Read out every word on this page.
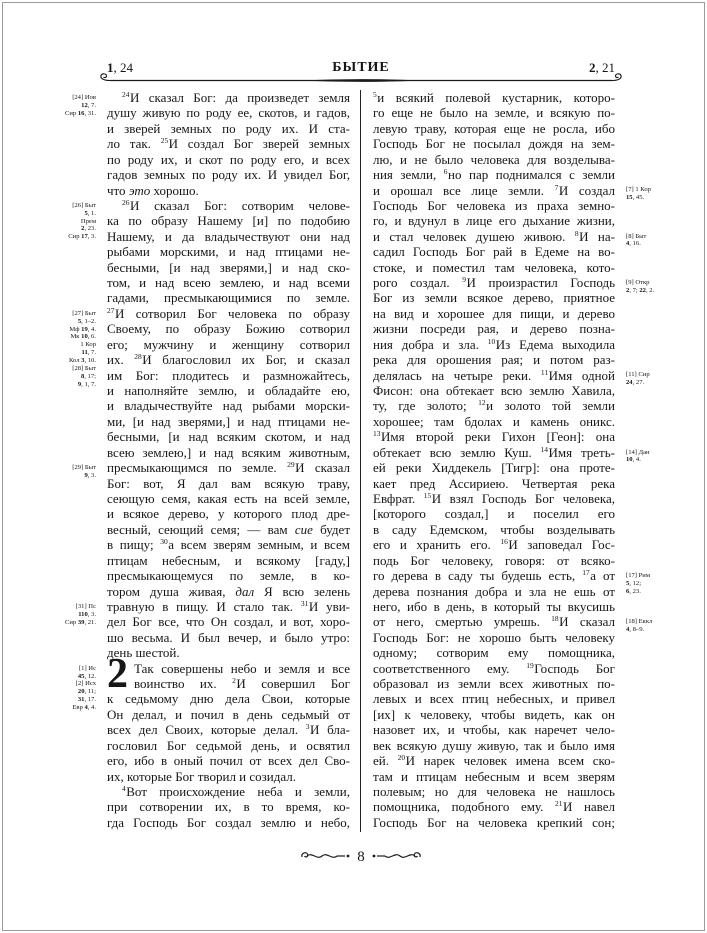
1, 24	БЫТИЕ	2, 21
[24] Иов
12, 7.
Сир 16, 31.
[26] Быт
5, 1.
Прем
2, 23.
Сир 17, 3.
[27] Быт
5, 1–2.
Мф 19, 4.
Мк 10, 6.
1 Кор
11, 7.
Кол 3, 10.
[28] Быт
8, 17;
9, 1, 7.
[29] Быт
9, 3.
[31] Пс
110, 3.
Сир 39, 21.
[1] Ис
45, 12.
[2] Исх
20, 11;
31, 17.
Евр 4, 4.
2
$^{24}$И сказал Бог: да произведет земля
душу живую по роду ее, скотов, и гадов,
и зверей земных по роду их. И ста-
ло так. $^{25}$И создал Бог зверей земных
по роду их, и скот по роду его, и всех
гадов земных по роду их. И увидел Бог,
что это хорошо.
$^{26}$И сказал Бог: сотворим челове-
ка по образу Нашему [и] по подобию
Нашему, и да владычествуют они над
рыбами морскими, и над птицами не-
бесными, [и над зверями,] и над ско-
том, и над всею землею, и над всеми
гадами, пресмыкающимися по земле.
$^{27}$И сотворил Бог человека по образу
Своему, по образу Божию сотворил
его; мужчину и женщину сотворил
их. $^{28}$И благословил их Бог, и сказал
им Бог: плодитесь и размножайтесь,
и наполняйте землю, и обладайте ею,
и владычествуйте над рыбами морски-
ми, [и над зверями,] и над птицами не-
бесными, [и над всяким скотом, и над
всею землею,] и над всяким животным,
пресмыкающимся по земле. $^{29}$И сказал
Бог: вот, Я дал вам всякую траву,
сеющую семя, какая есть на всей земле,
и всякое дерево, у которого плод дре-
весный, сеющий семя; — вам сие будет
в пищу; $^{30}$а всем зверям земным, и всем
птицам небесным, и всякому [гаду,]
пресмыкающемуся по земле, в ко-
тором душа живая, дал Я всю зелень
травную в пищу. И стало так. $^{31}$И уви-
дел Бог все, что Он создал, и вот, хоро-
шо весьма. И был вечер, и было утро:
день шестой.
Так совершены небо и земля и все
воинство их. $^2$И совершил Бог
к седьмому дню дела Свои, которые
Он делал, и почил в день седьмый от
всех дел Своих, которые делал. $^3$И бла-
гословил Бог седьмой день, и освятил
его, ибо в оный почил от всех дел Сво-
их, которые Бог творил и созидал.
$^4$Вот происхождение неба и земли,
при сотворении их, в то время, ко-
гда Господь Бог создал землю и небо,
$^5$и всякий полевой кустарник, которо-
го еще не было на земле, и всякую по-
левую траву, которая еще не росла, ибо
Господь Бог не посылал дождя на зем-
лю, и не было человека для возделыва-
ния земли, $^6$но пар поднимался с земли
и орошал все лице земли. $^7$И создал
Господь Бог человека из праха земно-
го, и вдунул в лице его дыхание жизни,
и стал человек душею живою. $^8$И на-
садил Господь Бог рай в Едеме на во-
стоке, и поместил там человека, кото-
рого создал. $^9$И произрастил Господь
Бог из земли всякое дерево, приятное
на вид и хорошее для пищи, и дерево
жизни посреди рая, и дерево позна-
ния добра и зла. $^{10}$Из Едема выходила
река для орошения рая; и потом раз-
делялась на четыре реки. $^{11}$Имя одной
Фисон: она обтекает всю землю Хавила,
ту, где золото; $^{12}$и золото той земли
хорошее; там бдолах и камень оникс.
$^{13}$Имя второй реки Гихон [Геон]: она
обтекает всю землю Куш. $^{14}$Имя треть-
ей реки Хиддекель [Тигр]: она проте-
кает пред Ассириею. Четвертая река
Евфрат. $^{15}$И взял Господь Бог человека,
[которого создал,] и поселил его
в саду Едемском, чтобы возделывать
его и хранить его. $^{16}$И заповедал Гос-
подь Бог человеку, говоря: от всяко-
го дерева в саду ты будешь есть, $^{17}$а от
дерева познания добра и зла не ешь от
него, ибо в день, в который ты вкусишь
от него, смертью умрешь. $^{18}$И сказал
Господь Бог: не хорошо быть человеку
одному; сотворим ему помощника,
соответственного ему. $^{19}$Господь Бог
образовал из земли всех животных по-
левых и всех птиц небесных, и привел
[их] к человеку, чтобы видеть, как он
назовет их, и чтобы, как наречет чело-
век всякую душу живую, так и было имя
ей. $^{20}$И нарек человек имена всем ско-
там и птицам небесным и всем зверям
полевым; но для человека не нашлось
помощника, подобного ему. $^{21}$И навел
Господь Бог на человека крепкий сон;
[7] 1 Кор
15, 45.
[8] Быт
4, 16.
[9] Откр
2, 7; 22, 2.
[11] Сир
24, 27.
[14] Дан
10, 4.
[17] Рим
5, 12;
6, 23.
[18] Еккл
4, 8–9.
8
